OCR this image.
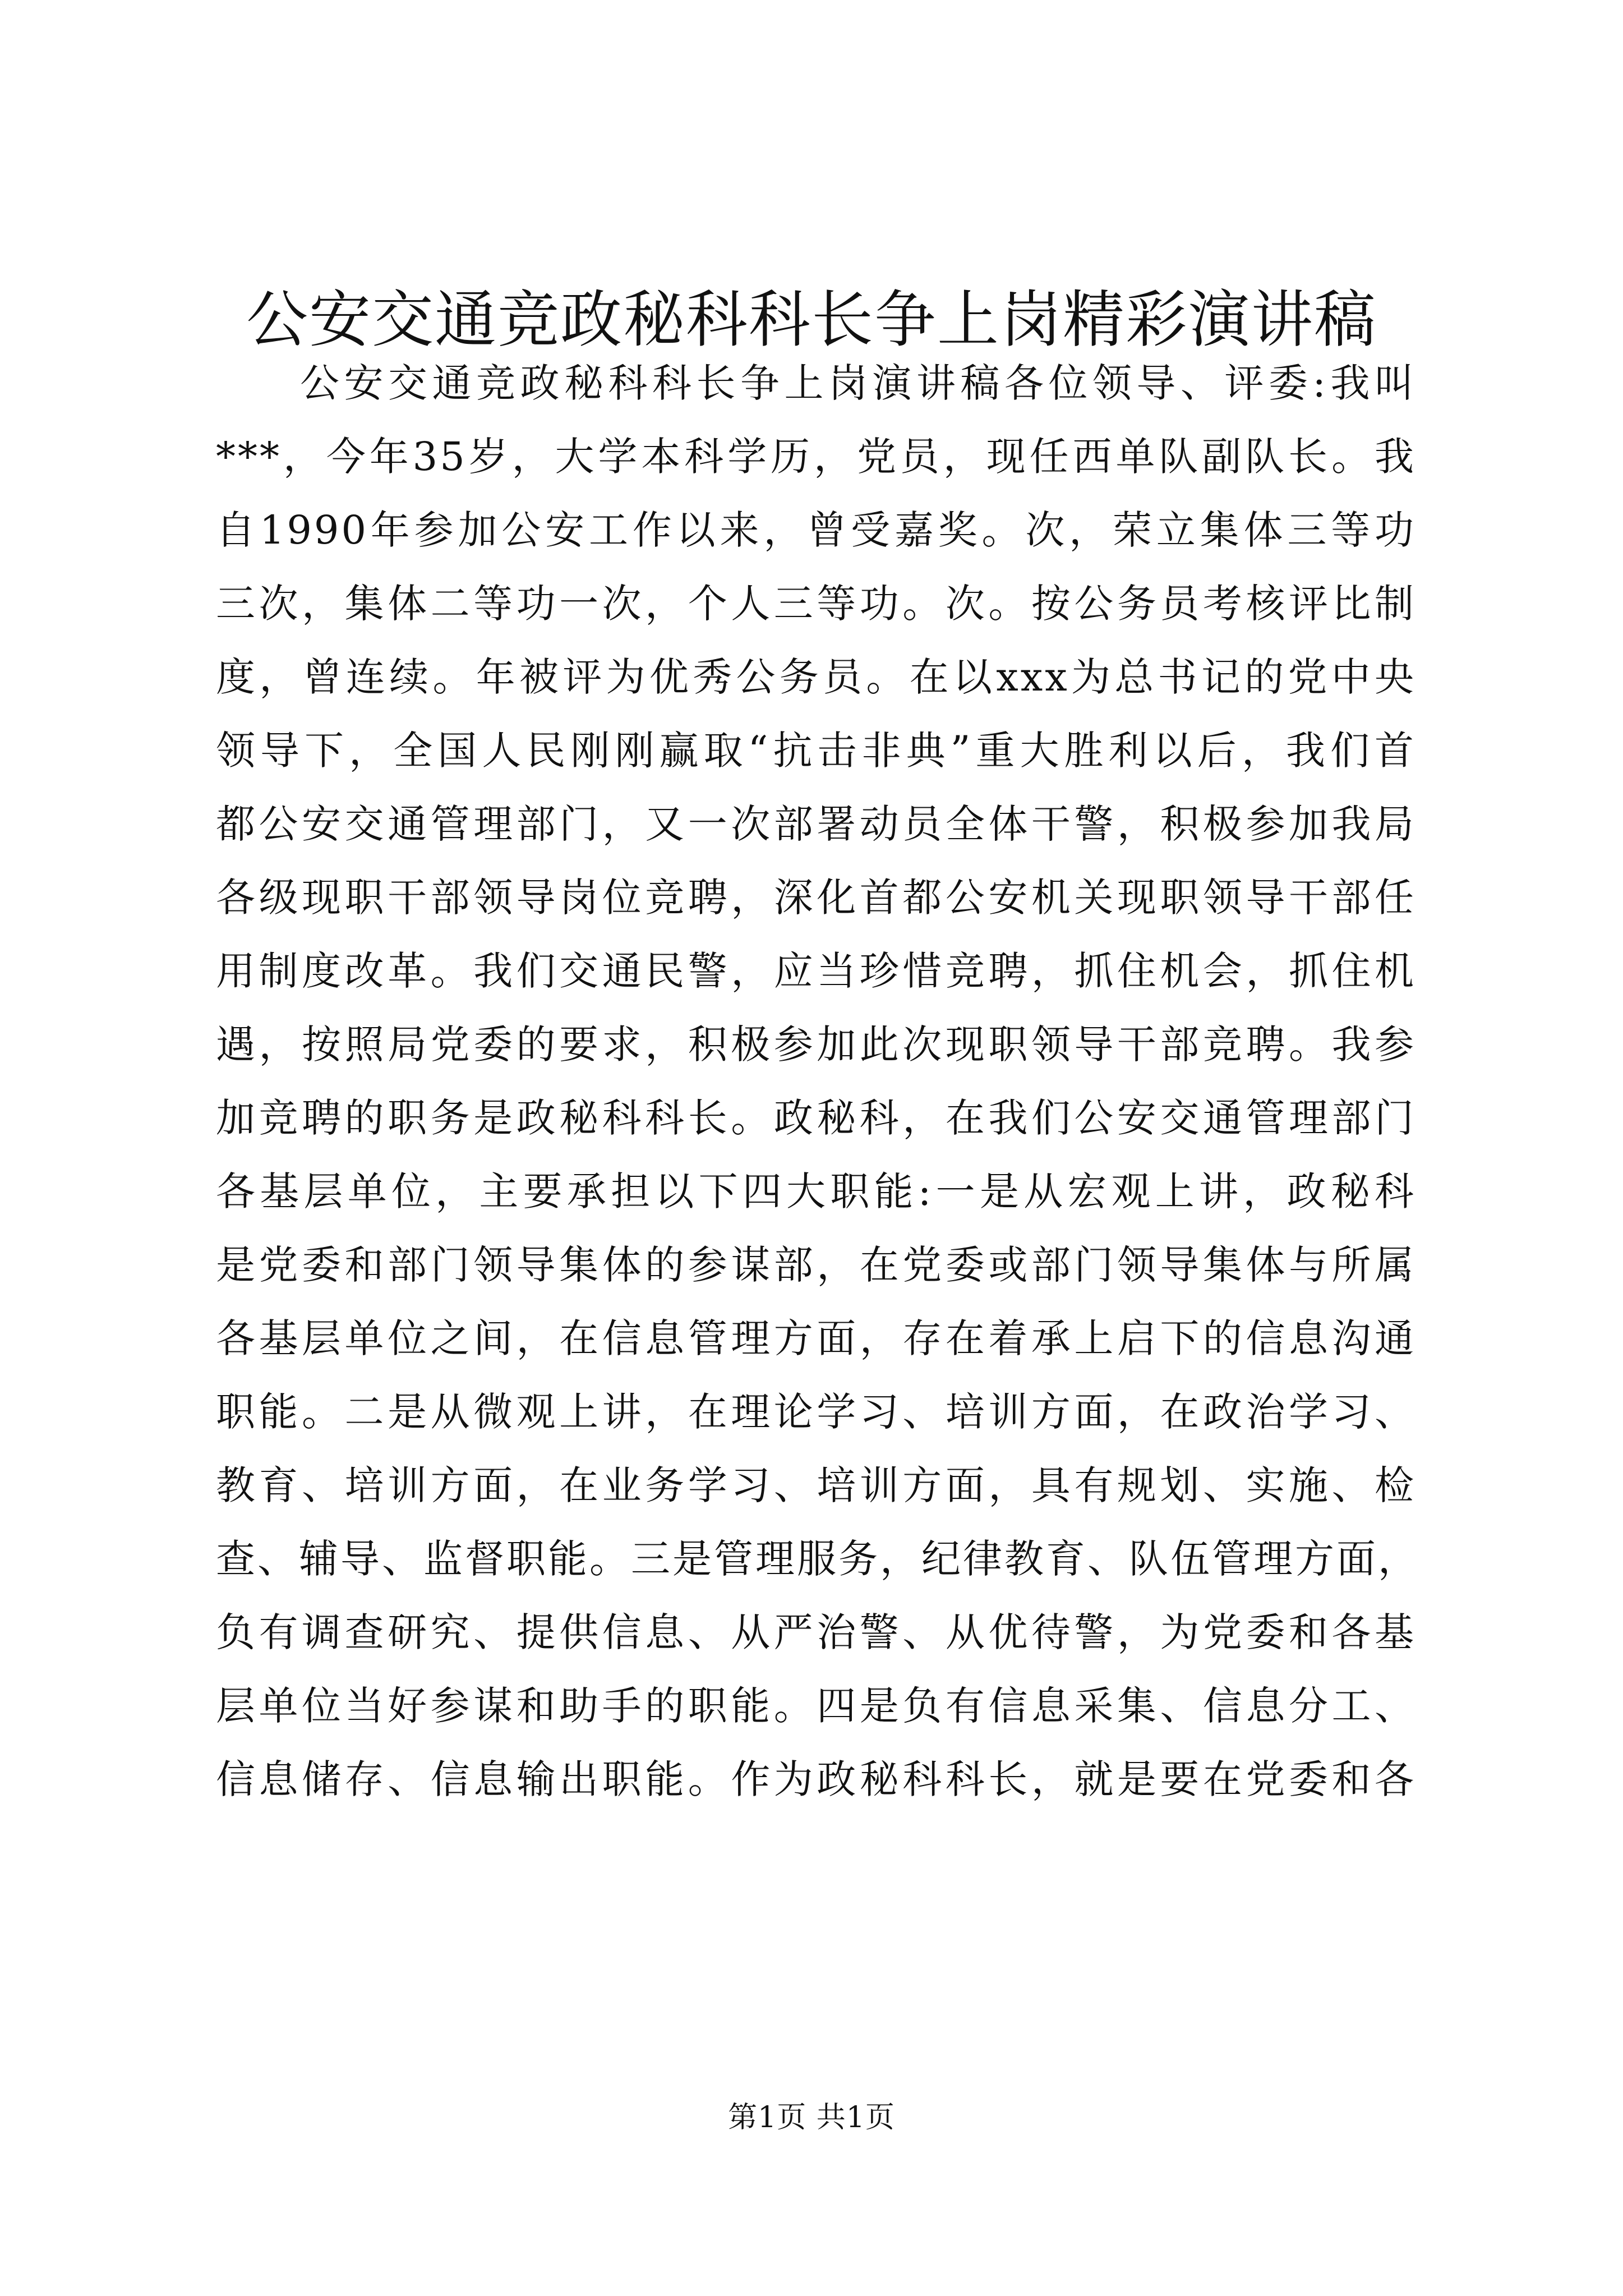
公安交通竞政秘科科长争上岗精彩演讲稿
公安交通竞政秘科科长争上岗演讲稿各位领导、评委:我叫
***，今年35岁，大学本科学历，党员，现任西单队副队长。我
自1990年参加公安工作以来，曾受嘉奖。次，荣立集体三等功
三次，集体二等功一次，个人三等功。次。按公务员考核评比制
度，曾连续。年被评为优秀公务员。在以xxx为总书记的党中央
领导下，全国人民刚刚赢取“抗击非典”重大胜利以后，我们首
都公安交通管理部门，又一次部署动员全体干警，积极参加我局
各级现职干部领导岗位竞聘，深化首都公安机关现职领导干部任
用制度改革。我们交通民警，应当珍惜竞聘，抓住机会，抓住机
遇，按照局党委的要求，积极参加此次现职领导干部竞聘。我参
加竞聘的职务是政秘科科长。政秘科，在我们公安交通管理部门
各基层单位，主要承担以下四大职能:一是从宏观上讲，政秘科
是党委和部门领导集体的参谋部，在党委或部门领导集体与所属
各基层单位之间，在信息管理方面，存在着承上启下的信息沟通
职能。二是从微观上讲，在理论学习、培训方面，在政治学习、
教育、培训方面，在业务学习、培训方面，具有规划、实施、检
查、辅导、监督职能。三是管理服务，纪律教育、队伍管理方面，
负有调查研究、提供信息、从严治警、从优待警，为党委和各基
层单位当好参谋和助手的职能。四是负有信息采集、信息分工、
信息储存、信息输出职能。作为政秘科科长，就是要在党委和各
第1页 共1页
